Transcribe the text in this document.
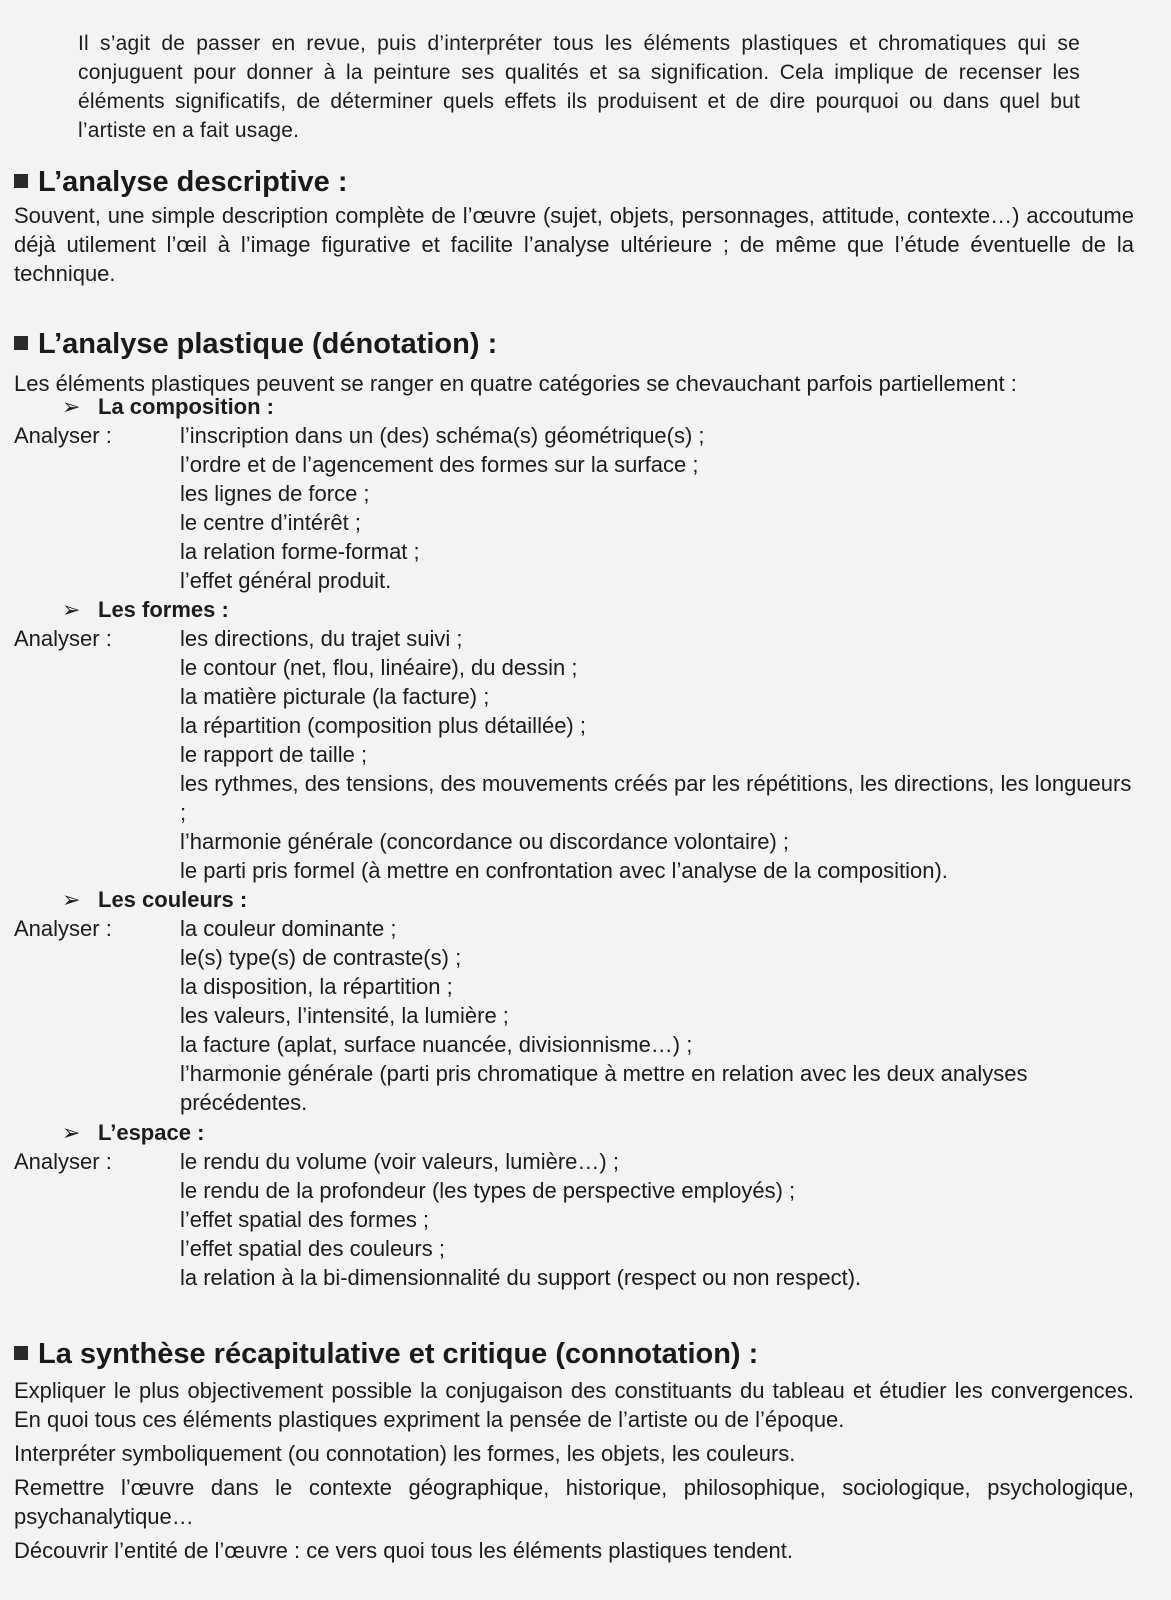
Il s’agit de passer en revue, puis d’interpréter tous les éléments plastiques et chromatiques qui se conjuguent pour donner à la peinture ses qualités et sa signification. Cela implique de recenser les éléments significatifs, de déterminer quels effets ils produisent et de dire pourquoi ou dans quel but l’artiste en a fait usage.

L’analyse descriptive :

Souvent, une simple description complète de l’œuvre (sujet, objets, personnages, attitude, contexte…) accoutume déjà utilement l’œil à l’image figurative et facilite l’analyse ultérieure ; de même que l’étude éventuelle de la technique.

L’analyse plastique (dénotation) :

Les éléments plastiques peuvent se ranger en quatre catégories se chevauchant parfois partiellement :

➢ La composition :
Analyser :	l’inscription dans un (des) schéma(s) géométrique(s) ;
l’ordre et de l’agencement des formes sur la surface ;
les lignes de force ;
le centre d’intérêt ;
la relation forme-format ;
l’effet général produit.
➢ Les formes :
Analyser :	les directions, du trajet suivi ;
le contour (net, flou, linéaire), du dessin ;
la matière picturale (la facture) ;
la répartition (composition plus détaillée) ;
le rapport de taille ;
les rythmes, des tensions, des mouvements créés par les répétitions, les directions, les longueurs ;
l’harmonie générale (concordance ou discordance volontaire) ;
le parti pris formel (à mettre en confrontation avec l’analyse de la composition).
➢ Les couleurs :
Analyser :	la couleur dominante ;
le(s) type(s) de contraste(s) ;
la disposition, la répartition ;
les valeurs, l’intensité, la lumière ;
la facture (aplat, surface nuancée, divisionnisme…) ;
l’harmonie générale (parti pris chromatique à mettre en relation avec les deux analyses précédentes.
➢ L’espace :
Analyser :	le rendu du volume (voir valeurs, lumière…) ;
le rendu de la profondeur (les types de perspective employés) ;
l’effet spatial des formes ;
l’effet spatial des couleurs ;
la relation à la bi-dimensionnalité du support (respect ou non respect).
La synthèse récapitulative et critique (connotation) :

Expliquer le plus objectivement possible la conjugaison des constituants du tableau et étudier les convergences. En quoi tous ces éléments plastiques expriment la pensée de l’artiste ou de l’époque.

Interpréter symboliquement (ou connotation) les formes, les objets, les couleurs.

Remettre l’œuvre dans le contexte géographique, historique, philosophique, sociologique, psychologique, psychanalytique…

Découvrir l’entité de l’œuvre : ce vers quoi tous les éléments plastiques tendent.
